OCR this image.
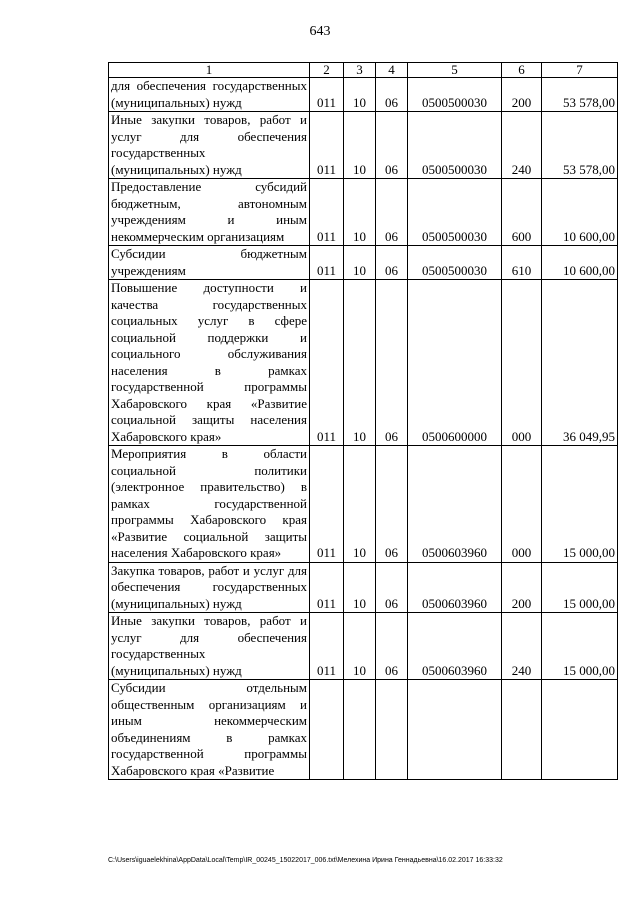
643
1	2	3	4	5	6	7
для обеспечения государственных (муниципальных) нужд	011	10	06	0500500030	200	53 578,00
Иные закупки товаров, работ и услуг для обеспечения государственных (муниципальных) нужд	011	10	06	0500500030	240	53 578,00
Предоставление субсидий бюджетным, автономным учреждениям и иным некоммерческим организациям	011	10	06	0500500030	600	10 600,00
Субсидии бюджетным учреждениям	011	10	06	0500500030	610	10 600,00
Повышение доступности и качества государственных социальных услуг в сфере социальной поддержки и социального обслуживания населения в рамках государственной программы Хабаровского края «Развитие социальной защиты населения Хабаровского края»	011	10	06	0500600000	000	36 049,95
Мероприятия в области социальной политики (электронное правительство) в рамках государственной программы Хабаровского края «Развитие социальной защиты населения Хабаровского края»	011	10	06	0500603960	000	15 000,00
Закупка товаров, работ и услуг для обеспечения государственных (муниципальных) нужд	011	10	06	0500603960	200	15 000,00
Иные закупки товаров, работ и услуг для обеспечения государственных (муниципальных) нужд	011	10	06	0500603960	240	15 000,00
Субсидии отдельным общественным организациям и иным некоммерческим объединениям в рамках государственной программы Хабаровского края «Развитие						
C:\Users\iguaelekhina\AppData\Local\Temp\IR_00245_15022017_006.txt\Мелехина Ирина Геннадьевна\16.02.2017 16:33:32
